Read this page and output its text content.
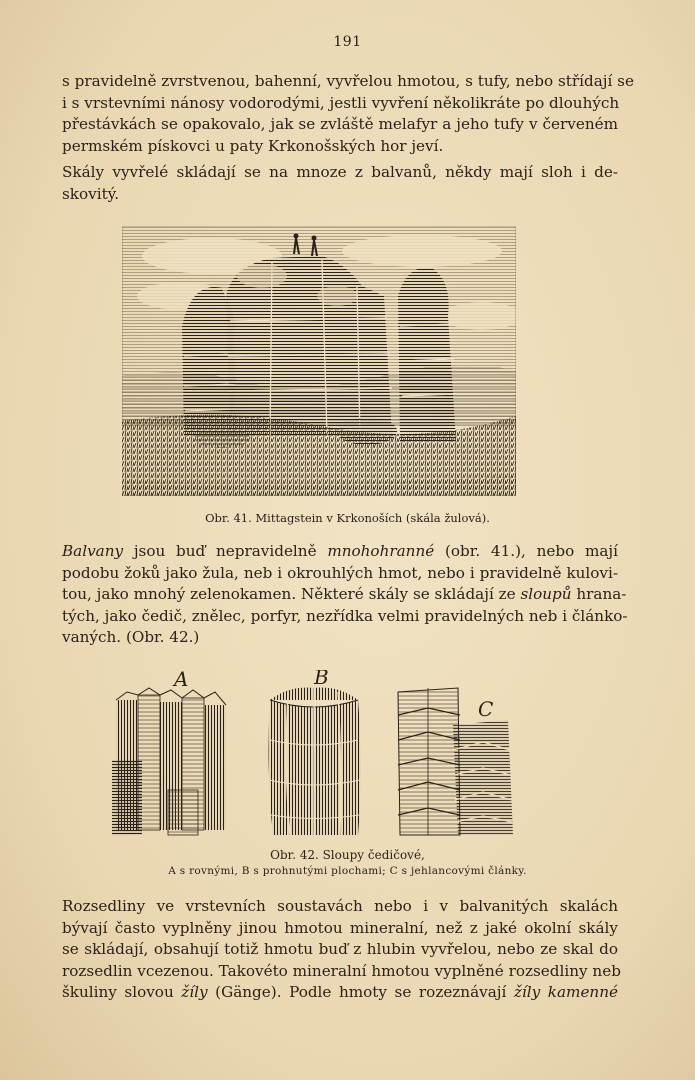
191

s pravidelně zvrstvenou, bahenní, vyvřelou hmotou, s tufy, nebo střídají se
i s vrstevními nánosy vodorodými, jestli vyvření několikráte po dlouhých
přestávkách se opakovalo, jak se zvláště melafyr a jeho tufy v červeném
permském pískovci u paty Krkonošských hor jeví.

Skály vyvřelé skládají se na mnoze z balvanů, někdy mají sloh i de-
skovitý.

Obr. 41. Mittagstein v Krkonoších (skála žulová).

Balvany jsou buď nepravidelně mnohohranné (obr. 41.), nebo mají
podobu žoků jako žula, neb i okrouhlých hmot, nebo i pravidelně kulovi-
tou, jako mnohý zelenokamen. Některé skály se skládají ze sloupů hrana-
tých, jako čedič, znělec, porfyr, nezřídka velmi pravidelných neb i článko-
vaných. (Obr. 42.)

A	B
C
Obr. 42. Sloupy čedičové,
A s rovnými, B s prohnutými plochami; C s jehlancovými články.

Rozsedliny ve vrstevních soustavách nebo i v balvanitých skalách
bývají často vyplněny jinou hmotou mineralní, než z jaké okolní skály
se skládají, obsahují totiž hmotu buď z hlubin vyvřelou, nebo ze skal do
rozsedlin vcezenou. Takovéto mineralní hmotou vyplněné rozsedliny neb
škuliny slovou žíly (Gänge). Podle hmoty se rozeznávají žíly kamenné
